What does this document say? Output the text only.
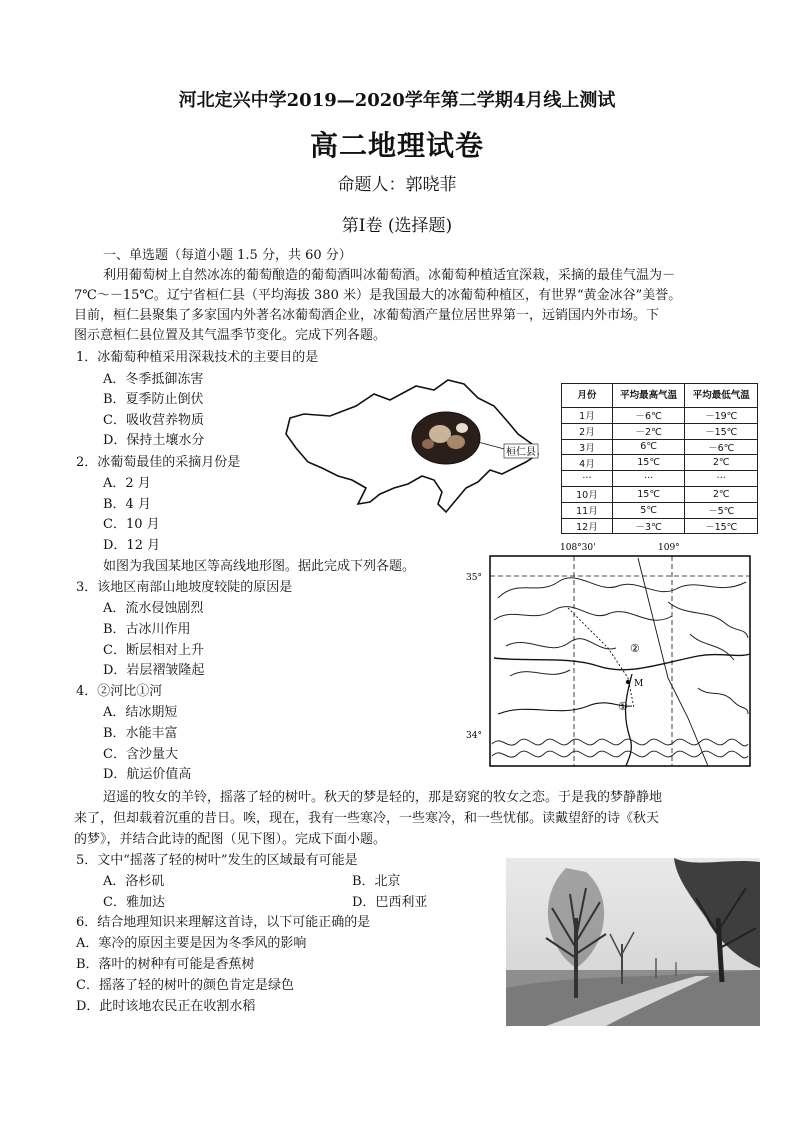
河北定兴中学2019—2020学年第二学期4月线上测试
高二地理试卷
命题人：郭晓菲
第Ⅰ卷 (选择题)
一、单选题（每道小题 1.5 分，共 60 分）
利用葡萄树上自然冰冻的葡萄酿造的葡萄酒叫冰葡萄酒。冰葡萄种植适宜深栽，采摘的最佳气温为－
7℃～－15℃。辽宁省桓仁县（平均海拔 380 米）是我国最大的冰葡萄种植区，有世界“黄金冰谷”美誉。
目前，桓仁县聚集了多家国内外著名冰葡萄酒企业，冰葡萄酒产量位居世界第一，远销国内外市场。下
图示意桓仁县位置及其气温季节变化。完成下列各题。
1．冰葡萄种植采用深栽技术的主要目的是
A．冬季抵御冻害
B．夏季防止倒伏
C．吸收营养物质
D．保持土壤水分
2．冰葡萄最佳的采摘月份是
A．2 月
B．4 月
C．10 月
D．12 月
桓仁县
月份	平均最高气温	平均最低气温
1月	－6℃	－19℃
2月	－2℃	－15℃
3月	6℃	－6℃
4月	15℃	2℃
···	···	···
10月	15℃	2℃
11月	5℃	－5℃
12月	－3℃	－15℃
如图为我国某地区等高线地形图。据此完成下列各题。
3．该地区南部山地坡度较陡的原因是
A．流水侵蚀剧烈
B．古冰川作用
C．断层相对上升
D．岩层褶皱隆起
4．②河比①河
A．结冰期短
B．水能丰富
C．含沙量大
D．航运价值高
108°30'	109°
35°
34°
M
②
①
迢遥的牧女的羊铃，摇落了轻的树叶。秋天的梦是轻的，那是窈窕的牧女之恋。于是我的梦静静地
来了，但却载着沉重的昔日。唉，现在，我有一些寒冷，一些寒冷，和一些忧郁。读戴望舒的诗《秋天
的梦》，并结合此诗的配图（见下图）。完成下面小题。
5．文中“摇落了轻的树叶”发生的区域最有可能是
A．洛杉矶	B．北京
C．雅加达	D．巴西利亚
6．结合地理知识来理解这首诗，以下可能正确的是
A．寒冷的原因主要是因为冬季风的影响
B．落叶的树种有可能是香蕉树
C．摇落了轻的树叶的颜色肯定是绿色
D．此时该地农民正在收割水稻
